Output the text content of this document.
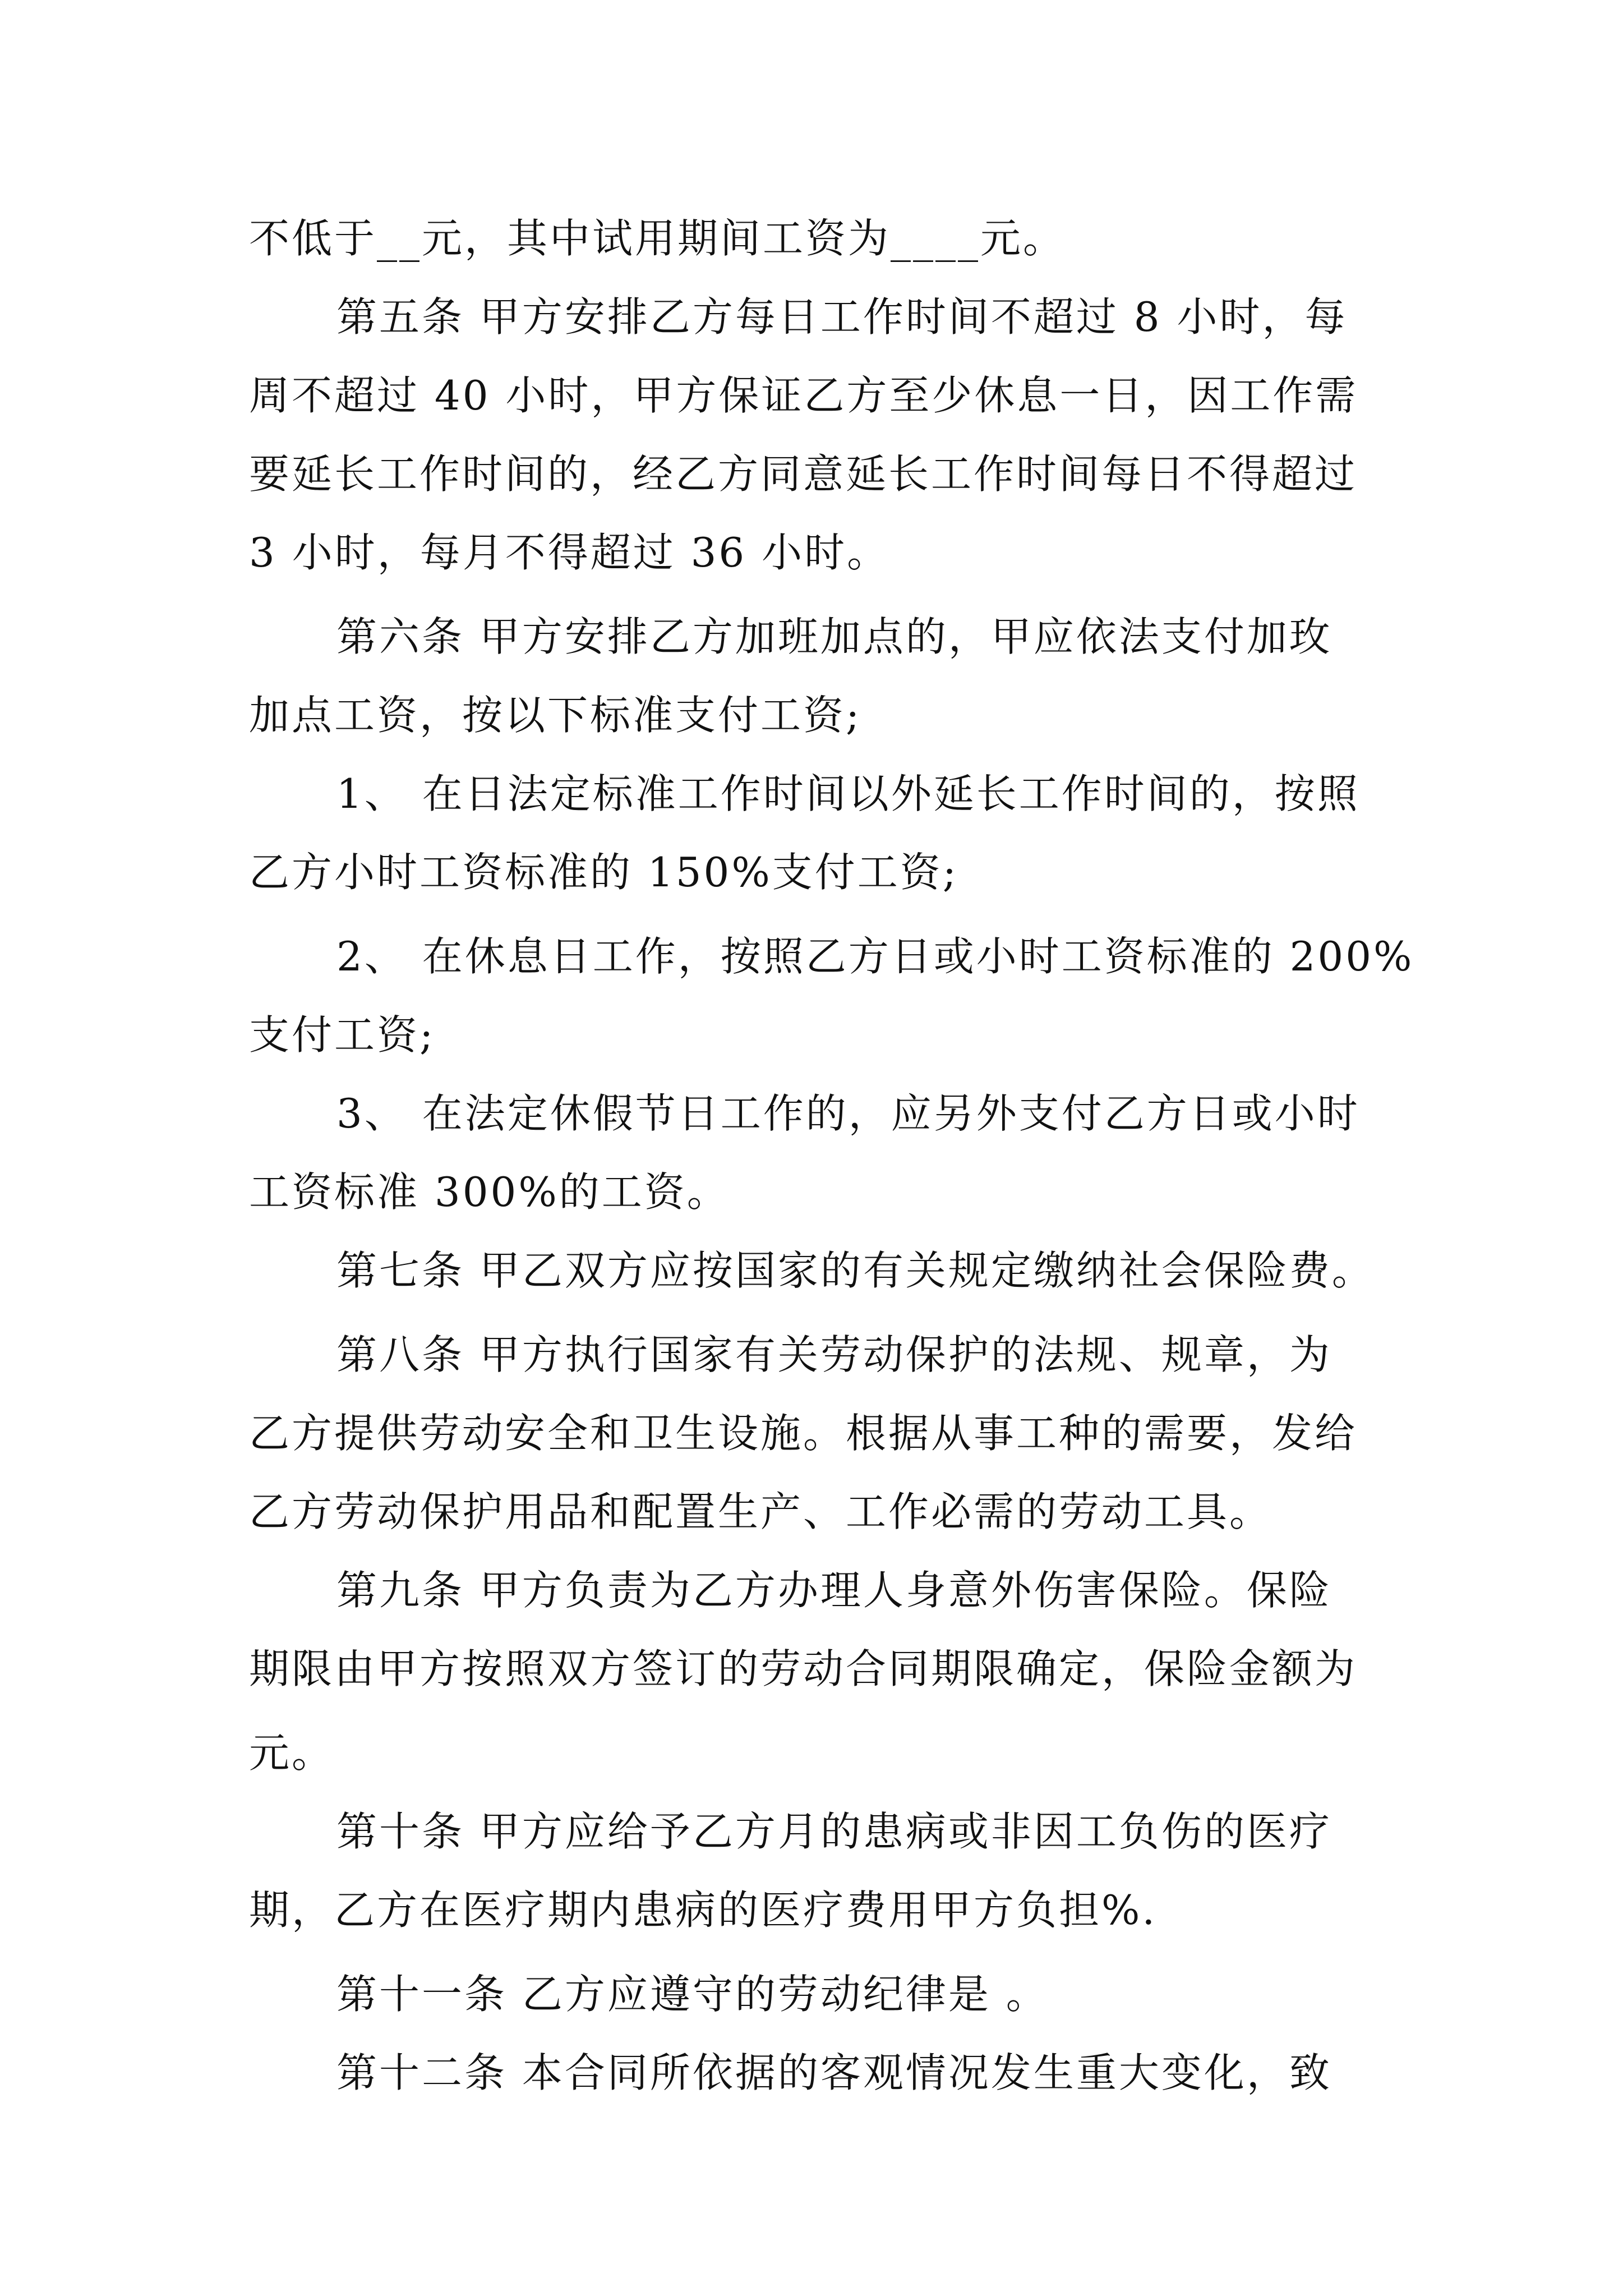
不低于__元，其中试用期间工资为____元。
第五条 甲方安排乙方每日工作时间不超过 8 小时，每
周不超过 40 小时，甲方保证乙方至少休息一日，因工作需
要延长工作时间的，经乙方同意延长工作时间每日不得超过
3 小时，每月不得超过 36 小时。
第六条 甲方安排乙方加班加点的，甲应依法支付加玫
加点工资，按以下标准支付工资;
1、 在日法定标准工作时间以外延长工作时间的，按照
乙方小时工资标准的 150%支付工资;
2、 在休息日工作，按照乙方日或小时工资标准的 200%
支付工资;
3、 在法定休假节日工作的，应另外支付乙方日或小时
工资标准 300%的工资。
第七条 甲乙双方应按国家的有关规定缴纳社会保险费。
第八条 甲方执行国家有关劳动保护的法规、规章，为
乙方提供劳动安全和卫生设施。根据从事工种的需要，发给
乙方劳动保护用品和配置生产、工作必需的劳动工具。
第九条 甲方负责为乙方办理人身意外伤害保险。保险
期限由甲方按照双方签订的劳动合同期限确定，保险金额为
元。
第十条 甲方应给予乙方月的患病或非因工负伤的医疗
期，乙方在医疗期内患病的医疗费用甲方负担%.
第十一条 乙方应遵守的劳动纪律是 。
第十二条 本合同所依据的客观情况发生重大变化，致
